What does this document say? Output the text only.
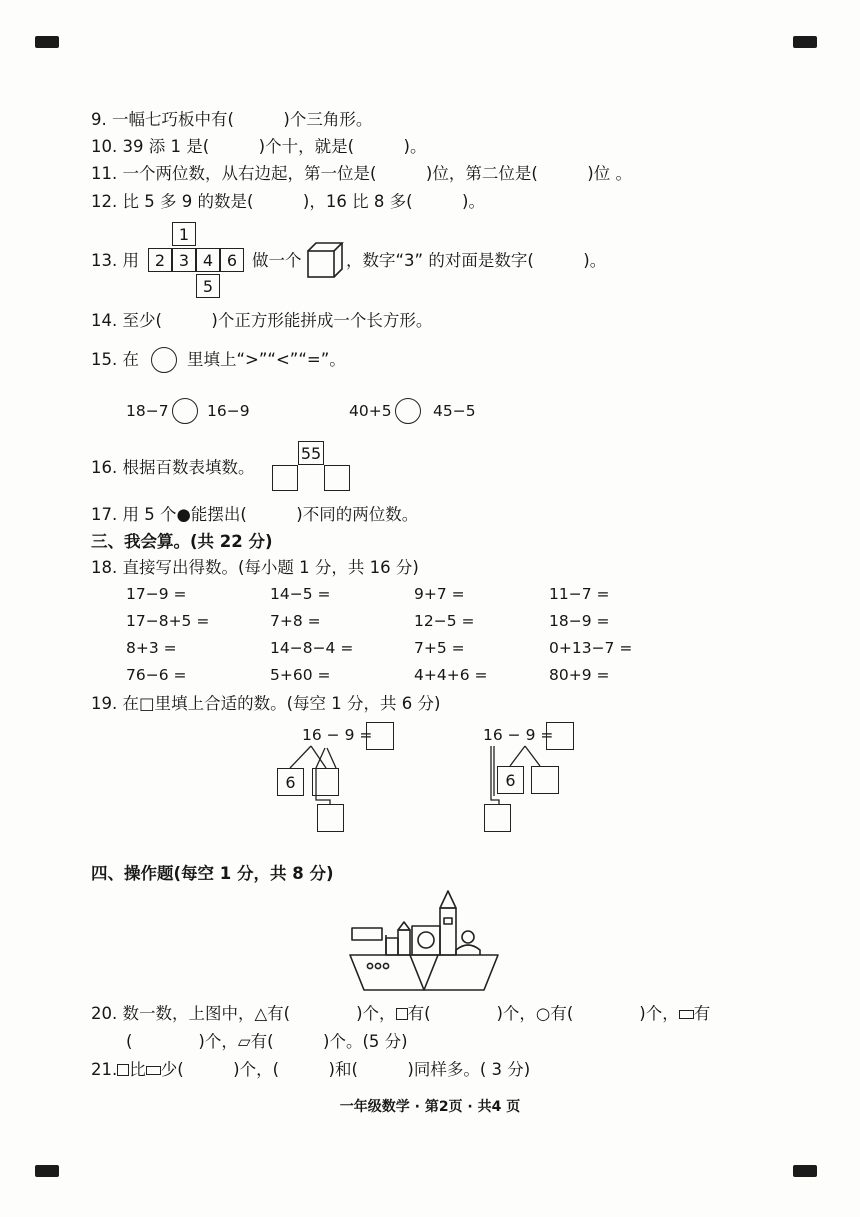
9. 一幅七巧板中有(　　　)个三角形。
10. 39 添 1 是(　　　)个十，就是(　　　)。
11. 一个两位数，从右边起，第一位是(　　　)位，第二位是(　　　)位 。
12. 比 5 多 9 的数是(　　　)，16 比 8 多(　　　)。
13. 用
1
2 3 4 6
5
做一个	，数字“3” 的对面是数字(　　　)。
14. 至少(　　　)个正方形能拼成一个长方形。
15. 在	里填上“>”“<”“=”。
18−7 16−9	40+5	45−5
16. 根据百数表填数。
55
17. 用 5 个●能摆出(　　　)不同的两位数。
三、我会算。(共 22 分)
18. 直接写出得数。(每小题 1 分，共 16 分)
17−9 =	14−5 =	9+7 =	11−7 =
17−8+5 =	7+8 =	12−5 =	18−9 =
8+3 =	14−8−4 =	7+5 =	0+13−7 =
76−6 =	5+60 =	4+4+6 =	80+9 =
19. 在□里填上合适的数。(每空 1 分，共 6 分)
16 − 9 =
6
16 − 9 =
6
四、操作题(每空 1 分，共 8 分)
20. 数一数，上图中，△有(　　　　)个， 有(　　　　)个，○有(　　　　)个， 有
(　　　　)个，▱有(　　　)个。(5 分)
21. 比 少(　　　)个，(　　　)和(　　　)同样多。( 3 分)
一年级数学 · 第2页 · 共4 页
